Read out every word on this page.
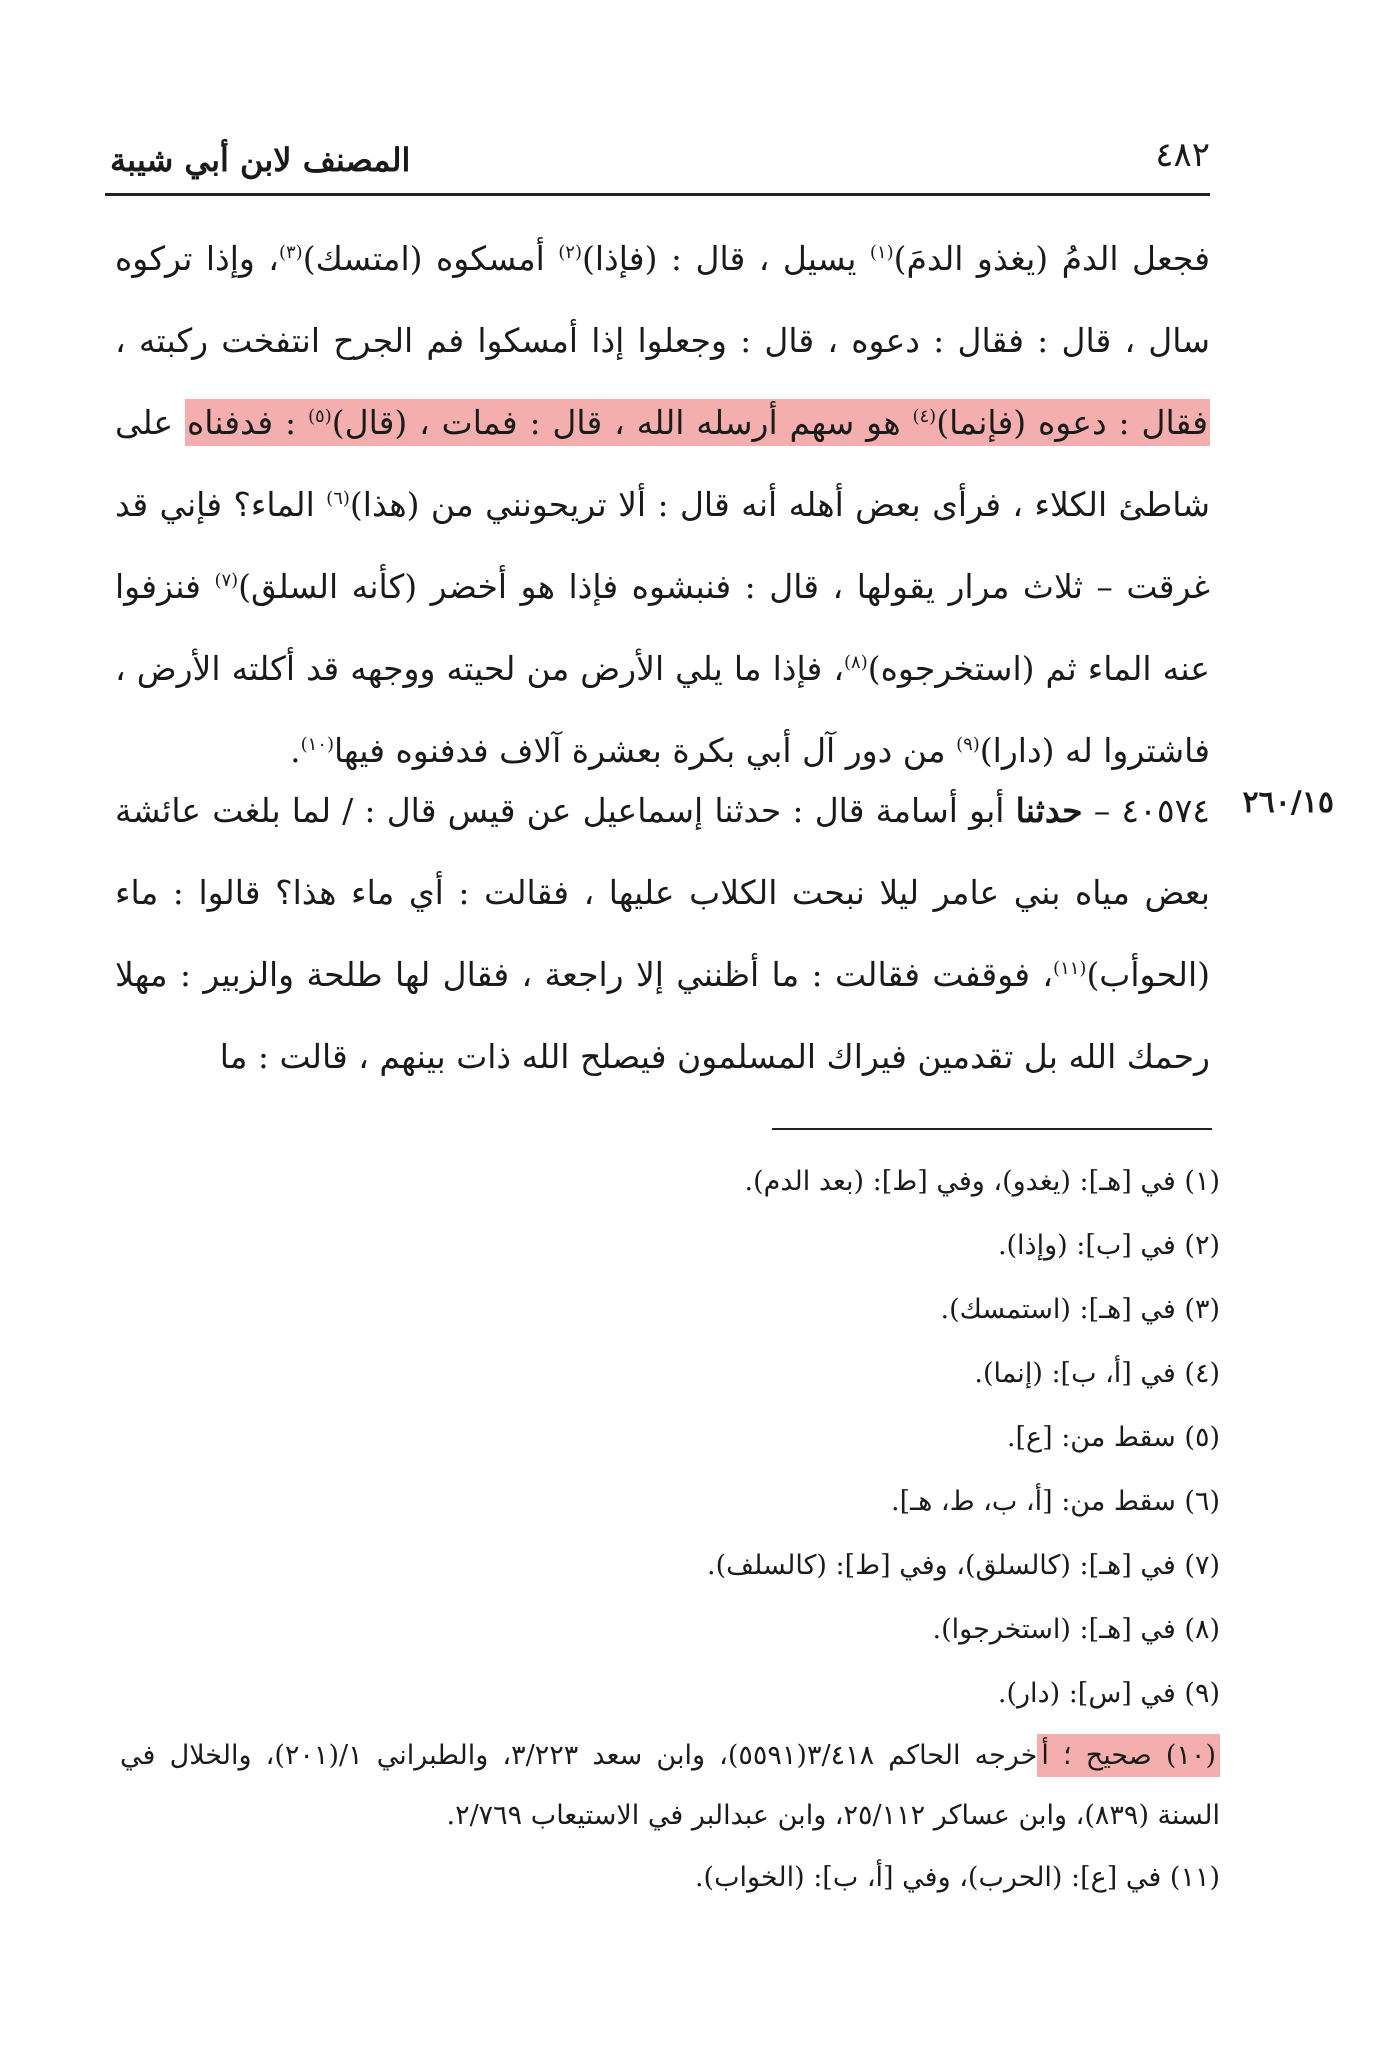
٤٨٢
المصنف لابن أبي شيبة

فجعل الدمُ (يغذو الدمَ)$^{(١)}$ يسيل ، قال : (فإذا)$^{(٢)}$ أمسكوه (امتسك)$^{(٣)}$، وإذا تركوه سال ، قال : فقال : دعوه ، قال : وجعلوا إذا أمسكوا فم الجرح انتفخت ركبته ، فقال : دعوه (فإنما)$^{(٤)}$ هو سهم أرسله الله ، قال : فمات ، (قال)$^{(٥)}$ : فدفناه على شاطئ الكلاء ، فرأى بعض أهله أنه قال : ألا تريحونني من (هذا)$^{(٦)}$ الماء؟ فإني قد غرقت – ثلاث مرار يقولها ، قال : فنبشوه فإذا هو أخضر (كأنه السلق)$^{(٧)}$ فنزفوا عنه الماء ثم (استخرجوه)$^{(٨)}$، فإذا ما يلي الأرض من لحيته ووجهه قد أكلته الأرض ، فاشتروا له (دارا)$^{(٩)}$ من دور آل أبي بكرة بعشرة آلاف فدفنوه فيها$^{(١٠)}$.

٢٦٠/١٥

٤٠٥٧٤ – حدثنا أبو أسامة قال : حدثنا إسماعيل عن قيس قال : / لما بلغت عائشة بعض مياه بني عامر ليلا نبحت الكلاب عليها ، فقالت : أي ماء هذا؟ قالوا : ماء (الحوأب)$^{(١١)}$، فوقفت فقالت : ما أظنني إلا راجعة ، فقال لها طلحة والزبير : مهلا رحمك الله بل تقدمين فيراك المسلمون فيصلح الله ذات بينهم ، قالت : ما

(١) في [هـ]: (يغدو)، وفي [ط]: (بعد الدم).

(٢) في [ب]: (وإذا).

(٣) في [هـ]: (استمسك).

(٤) في [أ، ب]: (إنما).

(٥) سقط من: [ع].

(٦) سقط من: [أ، ب، ط، هـ].

(٧) في [هـ]: (كالسلق)، وفي [ط]: (كالسلف).

(٨) في [هـ]: (استخرجوا).

(٩) في [س]: (دار).

(١٠) صحيح ؛ أخرجه الحاكم ٣/٤١٨(٥٥٩١)، وابن سعد ٣/٢٢٣، والطبراني ١/(٢٠١)، والخلال في السنة (٨٣٩)، وابن عساكر ٢٥/١١٢، وابن عبدالبر في الاستيعاب ٢/٧٦٩.

(١١) في [ع]: (الحرب)، وفي [أ، ب]: (الخواب).
